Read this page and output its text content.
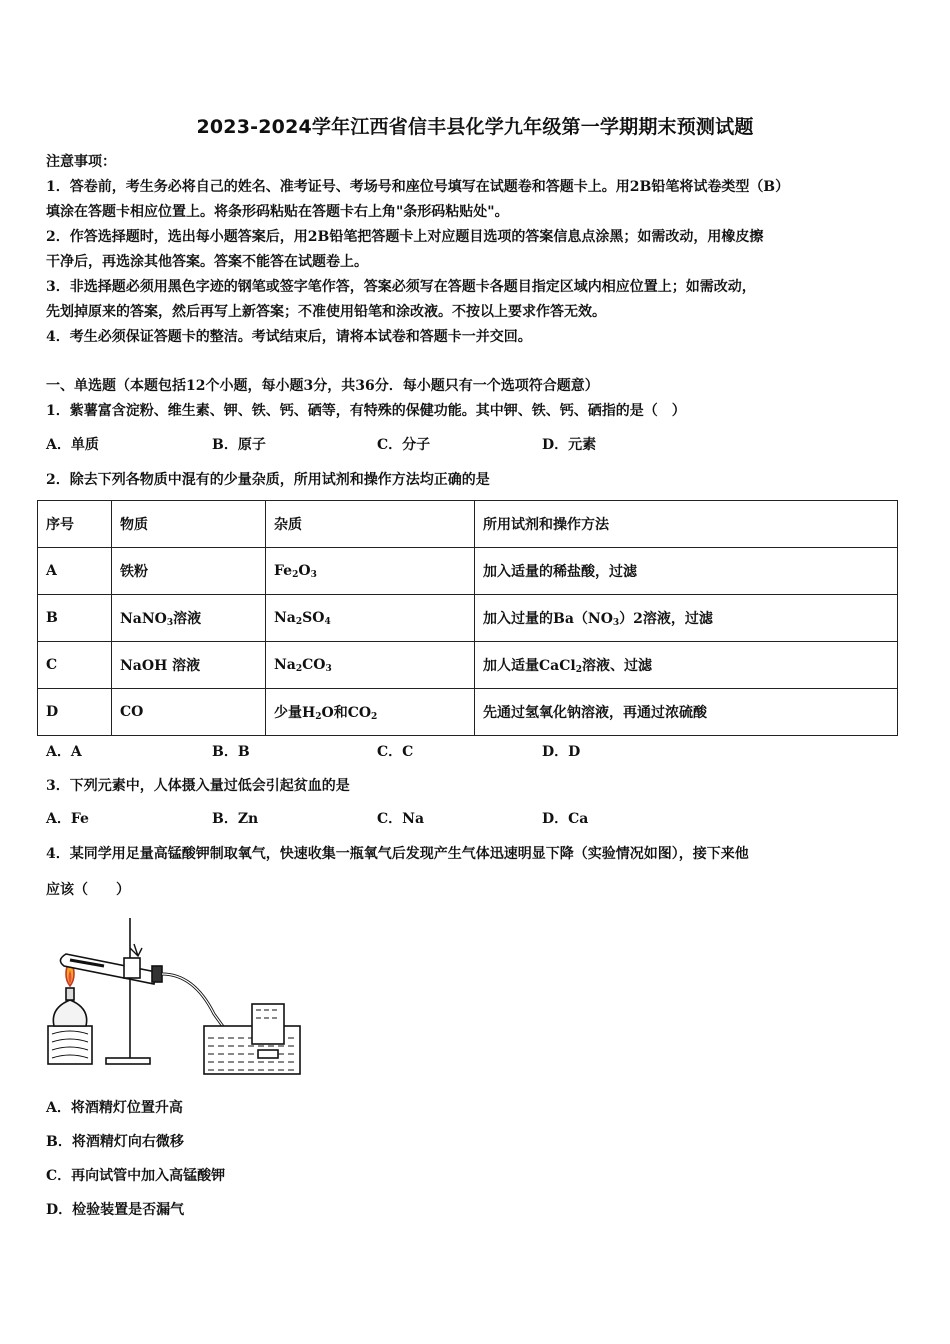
2023-2024学年江西省信丰县化学九年级第一学期期末预测试题
注意事项：
1．答卷前，考生务必将自己的姓名、准考证号、考场号和座位号填写在试题卷和答题卡上。用2B铅笔将试卷类型（B）
填涂在答题卡相应位置上。将条形码粘贴在答题卡右上角"条形码粘贴处"。
2．作答选择题时，选出每小题答案后，用2B铅笔把答题卡上对应题目选项的答案信息点涂黑；如需改动，用橡皮擦
干净后，再选涂其他答案。答案不能答在试题卷上。
3．非选择题必须用黑色字迹的钢笔或签字笔作答，答案必须写在答题卡各题目指定区域内相应位置上；如需改动，
先划掉原来的答案，然后再写上新答案；不准使用铅笔和涂改液。不按以上要求作答无效。
4．考生必须保证答题卡的整洁。考试结束后，请将本试卷和答题卡一并交回。
一、单选题（本题包括12个小题，每小题3分，共36分．每小题只有一个选项符合题意）
1．紫薯富含淀粉、维生素、钾、铁、钙、硒等，有特殊的保健功能。其中钾、铁、钙、硒指的是（　）
A．单质	B．原子	C．分子	D．元素
2．除去下列各物质中混有的少量杂质，所用试剂和操作方法均正确的是
序号	物质	杂质	所用试剂和操作方法
A	铁粉	$Fe_2O_3$	加入适量的稀盐酸，过滤
B	NaNO$_3$溶液	$Na_2SO_4$	加入过量的$Ba(NO_3)2$溶液，过滤
C	NaOH 溶液	$Na_2CO_3$	加人适量CaCl$_2$溶液、过滤
D	CO	少量$H_2O$和$CO_2$	先通过氢氧化钠溶液，再通过浓硫酸
A．A	B．B	C．C	D．D
3．下列元素中，人体摄入量过低会引起贫血的是
A．Fe	B．Zn	C．Na	D．Ca
4．某同学用足量高锰酸钾制取氧气，快速收集一瓶氧气后发现产生气体迅速明显下降（实验情况如图），接下来他
应该（　　）
A．将酒精灯位置升高
B．将酒精灯向右微移
C．再向试管中加入高锰酸钾
D．检验装置是否漏气
